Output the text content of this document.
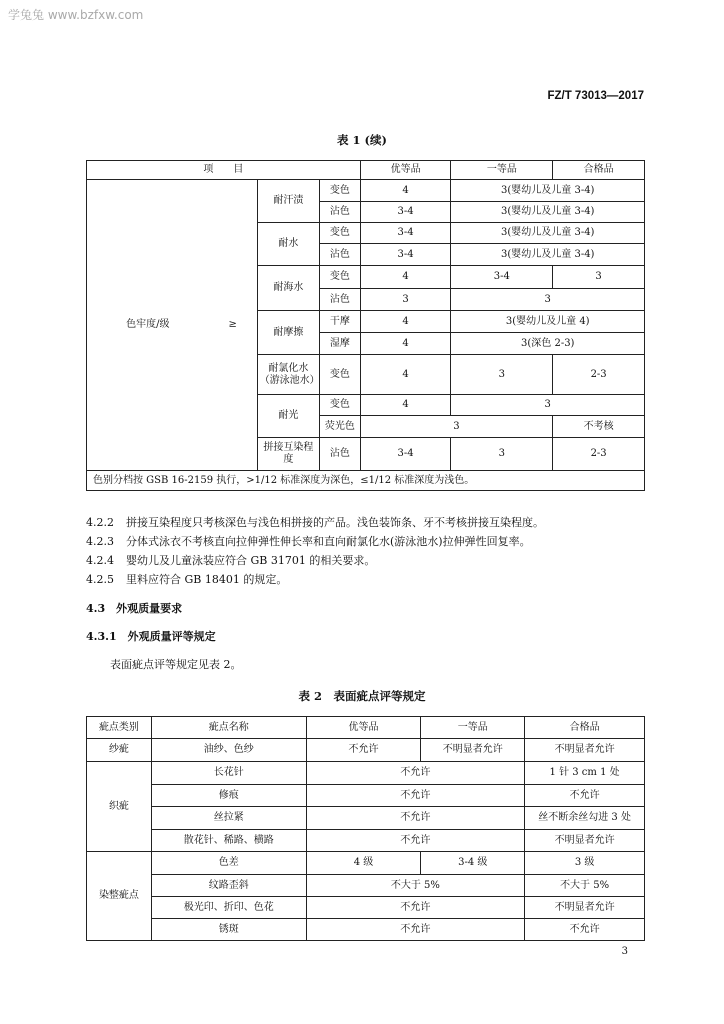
学兔兔 www.bzfxw.com
FZ/T 73013—2017
表 1 (续)
项　　目				优等品	一等品	合格品
色牢度/级	≥	耐汗渍	变色	4	3(婴幼儿及儿童 3-4)	
			沾色	3-4	3(婴幼儿及儿童 3-4)	
		耐水	变色	3-4	3(婴幼儿及儿童 3-4)	
			沾色	3-4	3(婴幼儿及儿童 3-4)	
		耐海水	变色	4	3-4	3
			沾色	3	3	
		耐摩擦	干摩	4	3(婴幼儿及儿童 4)	
			湿摩	4	3(深色 2-3)	
		耐氯化水（游泳池水）	变色	4	3	2-3
		耐光	变色	4	3	
			荧光色	3		不考核
		拼接互染程度	沾色	3-4	3	2-3
色别分档按 GSB 16-2159 执行，>1/12 标准深度为深色，≤1/12 标准深度为浅色。						
4.2.2 拼接互染程度只考核深色与浅色相拼接的产品。浅色装饰条、牙不考核拼接互染程度。
4.2.3 分体式泳衣不考核直向拉伸弹性伸长率和直向耐氯化水(游泳池水)拉伸弹性回复率。
4.2.4 婴幼儿及儿童泳装应符合 GB 31701 的相关要求。
4.2.5 里料应符合 GB 18401 的规定。
4.3　外观质量要求
4.3.1　外观质量评等规定
表面疵点评等规定见表 2。
表 2　表面疵点评等规定
疵点类别	疵点名称	优等品	一等品	合格品
纱疵	油纱、色纱	不允许	不明显者允许	不明显者允许
织疵	长花针	不允许		1 针 3 cm 1 处
	修痕	不允许		不允许
	丝拉紧	不允许		丝不断余丝勾进 3 处
	散花针、稀路、横路	不允许		不明显者允许
染整疵点	色差	4 级	3-4 级	3 级
	纹路歪斜	不大于 5%		不大于 5%
	极光印、折印、色花	不允许		不明显者允许
	锈斑	不允许		不允许
3
